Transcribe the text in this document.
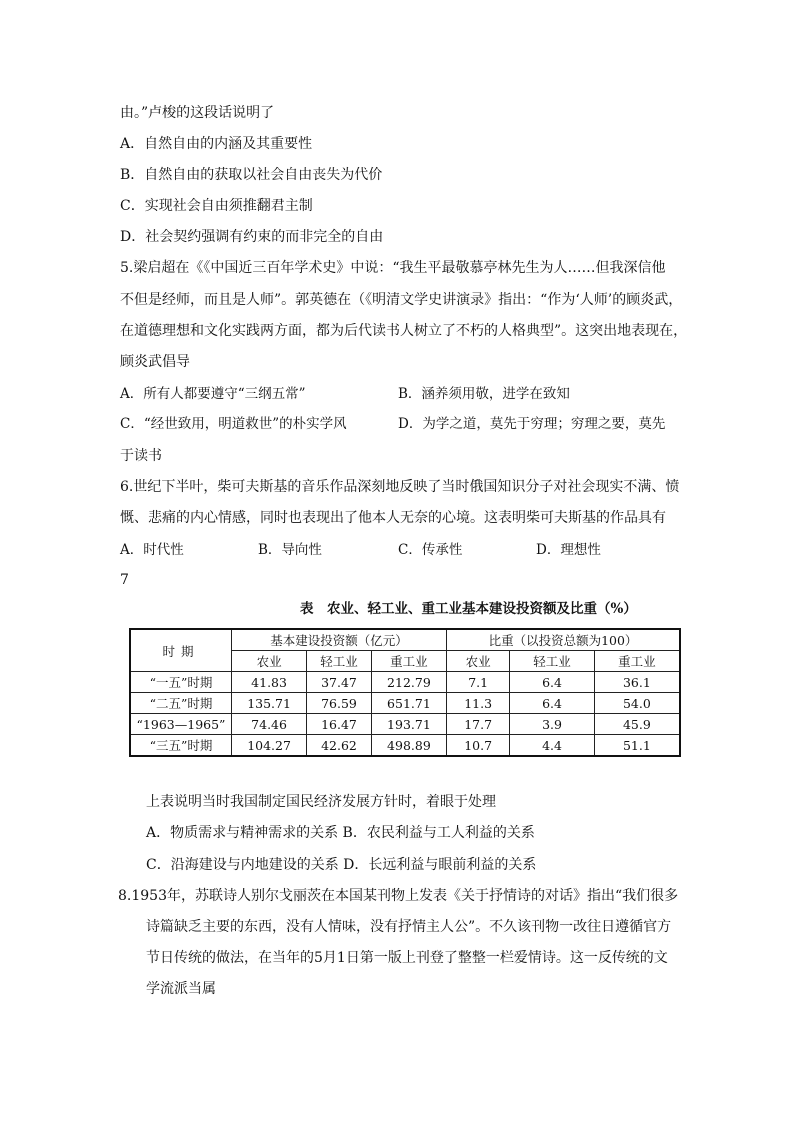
由。”卢梭的这段话说明了
A．自然自由的内涵及其重要性
B．自然自由的获取以社会自由丧失为代价
C．实现社会自由须推翻君主制
D．社会契约强调有约束的而非完全的自由
5.梁启超在《《中国近三百年学术史》中说：“我生平最敬慕亭林先生为人……但我深信他
不但是经师，而且是人师”。郭英德在（《明清文学史讲演录》指出：“作为‘人师’的顾炎武，
在道德理想和文化实践两方面，都为后代读书人树立了不朽的人格典型”。这突出地表现在，
顾炎武倡导
A．所有人都要遵守“三纲五常”	B．涵养须用敬，进学在致知
C．“经世致用，明道救世”的朴实学风	D．为学之道，莫先于穷理；穷理之要，莫先
于读书
6.世纪下半叶，柴可夫斯基的音乐作品深刻地反映了当时俄国知识分子对社会现实不满、愤
慨、悲痛的内心情感，同时也表现出了他本人无奈的心境。这表明柴可夫斯基的作品具有
A．时代性	B．导向性	C．传承性	D．理想性
7
表　农业、轻工业、重工业基本建设投资额及比重（%）
时期	基本建设投资额（亿元）			比重（以投资总额为100）		
	农业	轻工业	重工业	农业	轻工业	重工业
“一五”时期	41.83	37.47	212.79	7.1	6.4	36.1
“二五”时期	135.71	76.59	651.71	11.3	6.4	54.0
“1963—1965”	74.46	16.47	193.71	17.7	3.9	45.9
“三五”时期	104.27	42.62	498.89	10.7	4.4	51.1
上表说明当时我国制定国民经济发展方针时，着眼于处理
A．物质需求与精神需求的关系 B．农民利益与工人利益的关系
C．沿海建设与内地建设的关系 D．长远利益与眼前利益的关系
8.1953年，苏联诗人别尔戈丽茨在本国某刊物上发表《关于抒情诗的对话》指出“我们很多
诗篇缺乏主要的东西，没有人情味，没有抒情主人公”。不久该刊物一改往日遵循官方
节日传统的做法，在当年的5月1日第一版上刊登了整整一栏爱情诗。这一反传统的文
学流派当属
